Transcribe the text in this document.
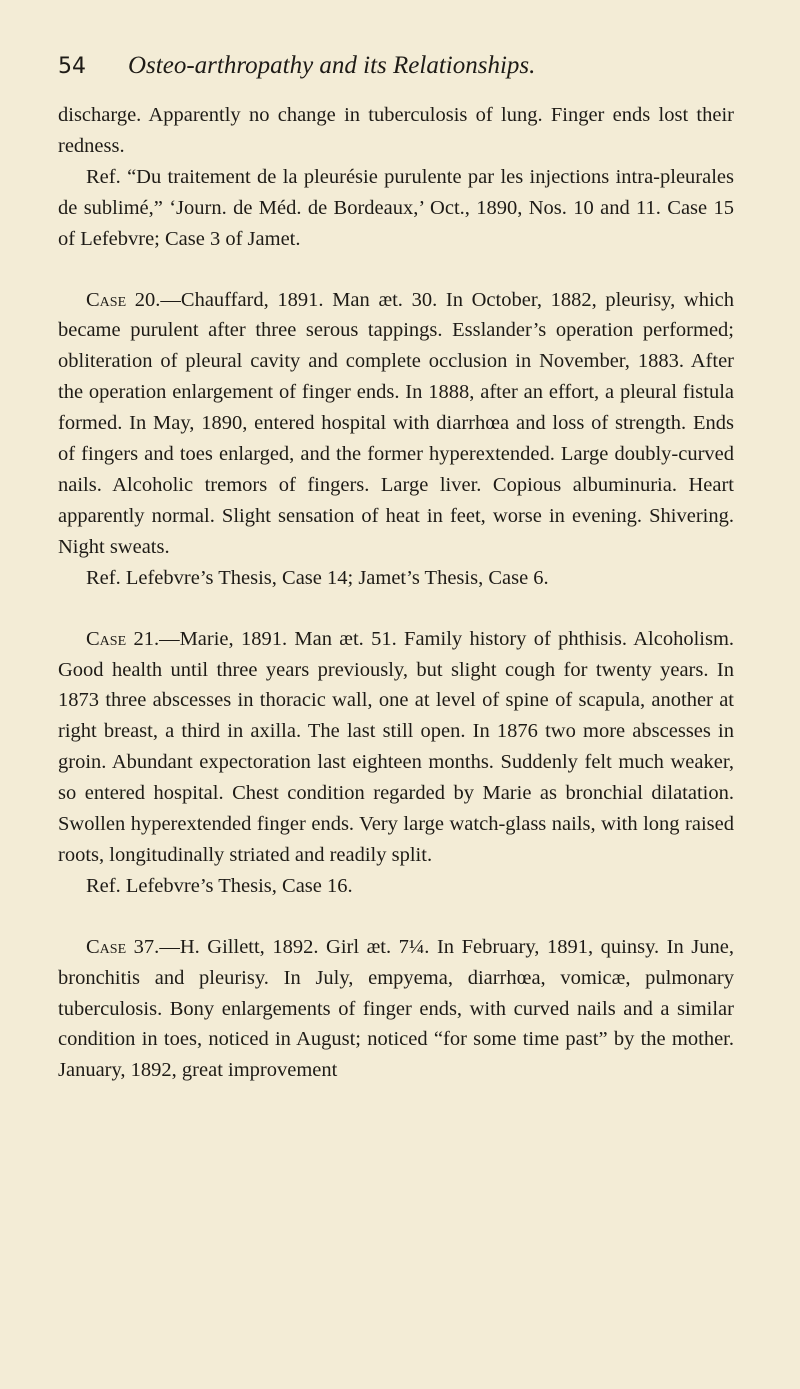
54	Osteo-arthropathy and its Relationships.

discharge. Apparently no change in tuberculosis of lung. Finger ends lost their redness.

Ref. “Du traitement de la pleurésie purulente par les injections intra-pleurales de sublimé,” ‘Journ. de Méd. de Bordeaux,’ Oct., 1890, Nos. 10 and 11. Case 15 of Lefebvre; Case 3 of Jamet.

Case 20.—Chauffard, 1891. Man æt. 30. In October, 1882, pleurisy, which became purulent after three serous tappings. Esslander’s operation performed; obliteration of pleural cavity and complete occlusion in November, 1883. After the operation enlargement of finger ends. In 1888, after an effort, a pleural fistula formed. In May, 1890, entered hospital with diarrhœa and loss of strength. Ends of fingers and toes enlarged, and the former hyperextended. Large doubly-curved nails. Alcoholic tremors of fingers. Large liver. Copious albuminuria. Heart apparently normal. Slight sensation of heat in feet, worse in evening. Shivering. Night sweats.

Ref. Lefebvre’s Thesis, Case 14; Jamet’s Thesis, Case 6.

Case 21.—Marie, 1891. Man æt. 51. Family history of phthisis. Alcoholism. Good health until three years previously, but slight cough for twenty years. In 1873 three abscesses in thoracic wall, one at level of spine of scapula, another at right breast, a third in axilla. The last still open. In 1876 two more abscesses in groin. Abundant expectoration last eighteen months. Suddenly felt much weaker, so entered hospital. Chest condition regarded by Marie as bronchial dilatation. Swollen hyperextended finger ends. Very large watch-glass nails, with long raised roots, longitudinally striated and readily split.

Ref. Lefebvre’s Thesis, Case 16.

Case 37.—H. Gillett, 1892. Girl æt. 7¼. In February, 1891, quinsy. In June, bronchitis and pleurisy. In July, empyema, diarrhœa, vomicæ, pulmonary tuberculosis. Bony enlargements of finger ends, with curved nails and a similar condition in toes, noticed in August; noticed “for some time past” by the mother. January, 1892, great improvement
